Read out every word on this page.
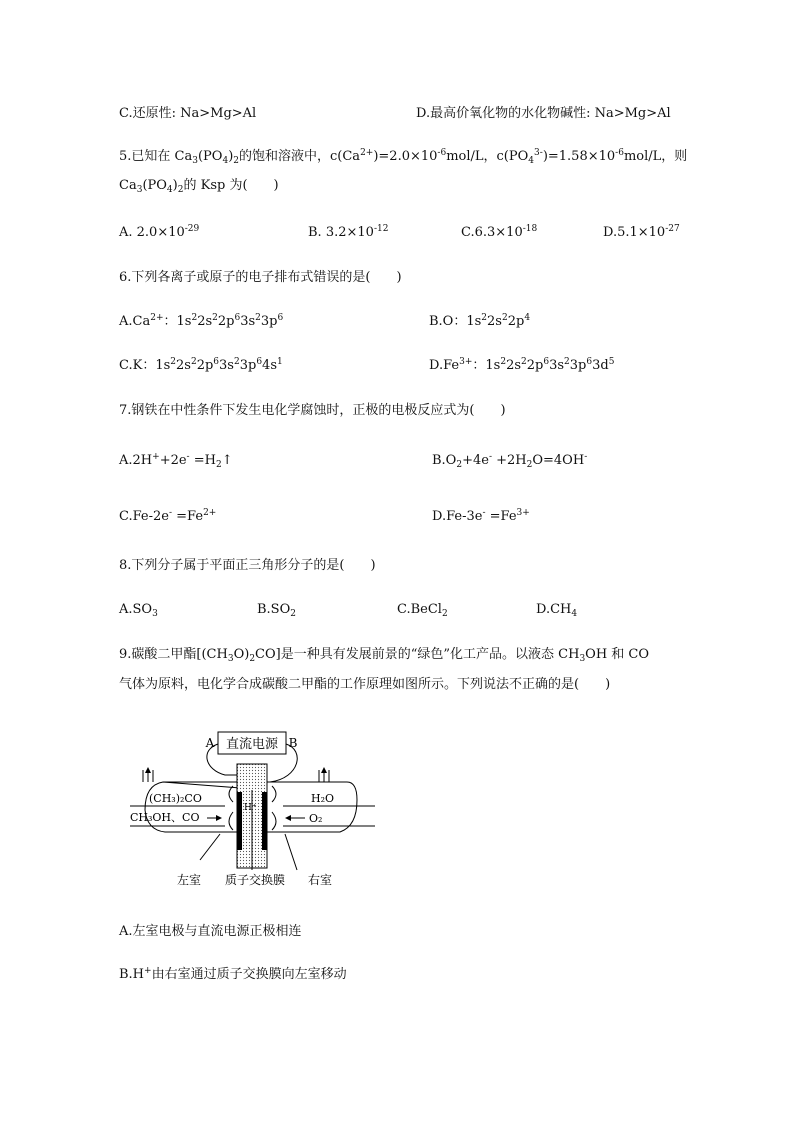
C.还原性: Na>Mg>Al	D.最高价氧化物的水化物碱性: Na>Mg>Al
5.已知在 $Ca_3(PO_4)_2$的饱和溶液中，$c(Ca^{2+})=2.0\times 10^{-6}mol/L$，$c(PO_4^{3-})=1.58\times 10^{-6}mol/L$，则
$Ca_3(PO_4)_2$的 Ksp 为(　　)
A. $2.0\times 10^{-29}$	B. $3.2\times 10^{-12}$	$C.6.3\times 10^{-18}$	$D.5.1\times 10^{-27}$
6.下列各离子或原子的电子排布式错误的是(　　)
$A.Ca^{2+}$：$1s^22s^22p^63s^23p^6$	B.O：$1s^22s^22p^4$
C.K：$1s^22s^22p^63s^23p^64s^1$	$D.Fe^{3+}$：$1s^22s^22p^63s^23p^63d^5$
7.钢铁在中性条件下发生电化学腐蚀时，正极的电极反应式为(　　)
$A.2H^++2e^- =H_2↑$	$B.O_2+4e^- +2H_2O=4OH^-$
$C.Fe-2e^- =Fe^{2+}$	$D.Fe-3e^- =Fe^{3+}$
8.下列分子属于平面正三角形分子的是(　　)
$A.SO_3$	$B.SO_2$	C.BeCl$_2$	$D.CH_4$
9.碳酸二甲酯$[(CH_3O)_2CO]$是一种具有发展前景的“绿色”化工产品。以液态 $CH_3OH$ 和 CO
气体为原料，电化学合成碳酸二甲酯的工作原理如图所示。下列说法不正确的是(　　)
直流电源
A	B
(CH₃)₂CO
CH₃OH、CO
H₂O
O₂
H⁺
左室 质子交换膜 右室
A.左室电极与直流电源正极相连
B.H+由右室通过质子交换膜向左室移动
